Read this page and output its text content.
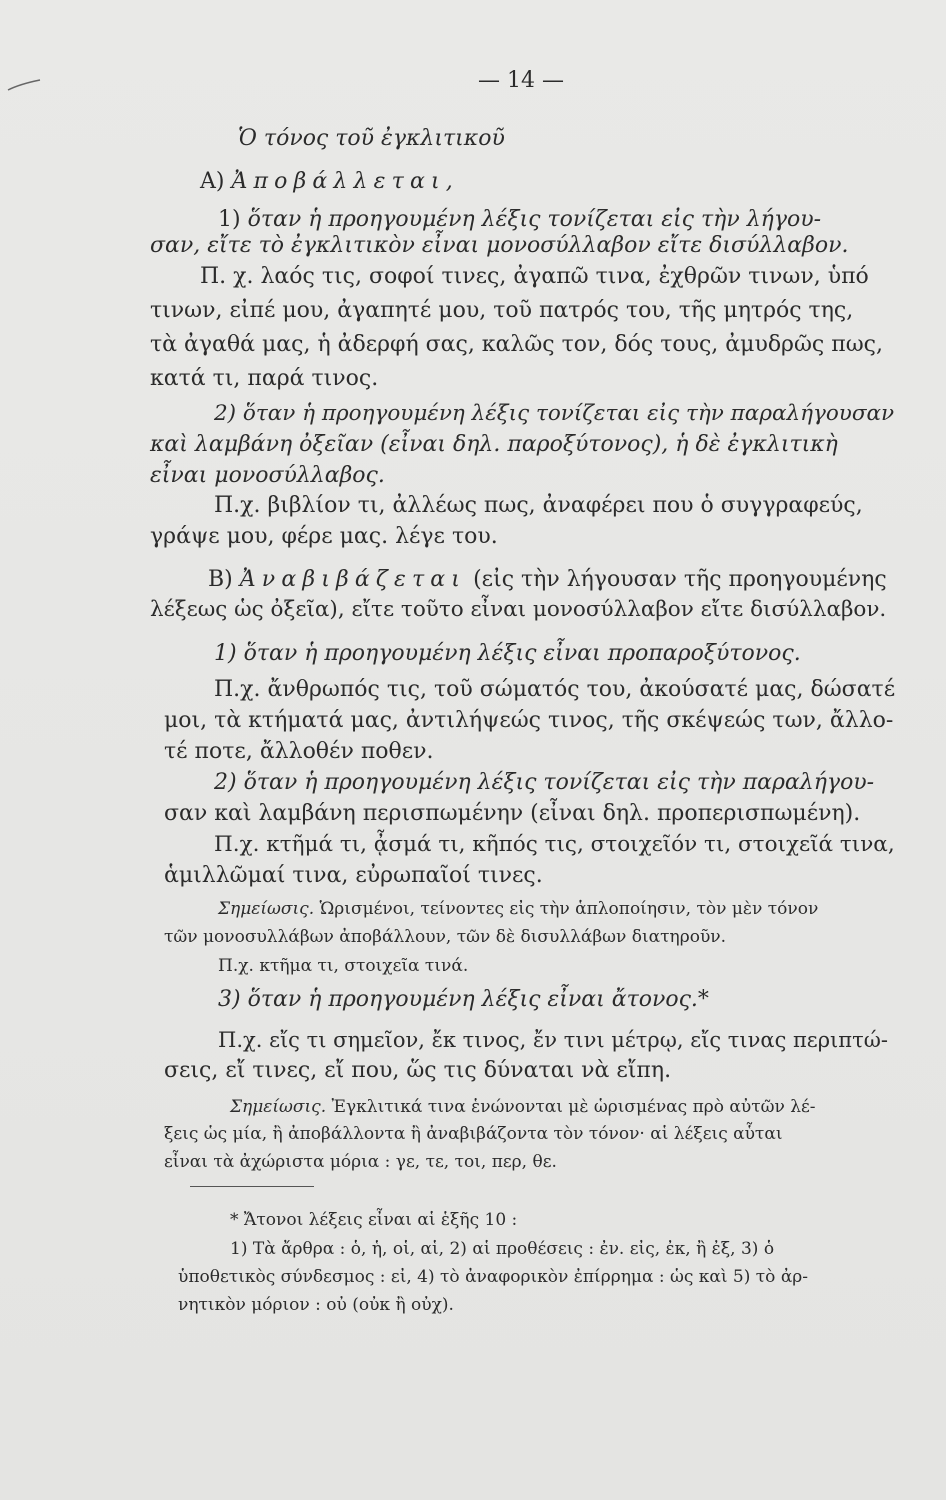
— 14 —
Ὁ τόνος τοῦ ἐγκλιτικοῦ
Α) Ἀποβάλλεται,
1) ὅταν ἡ προηγουμένη λέξις τονίζεται εἰς τὴν λήγου-
σαν, εἴτε τὸ ἐγκλιτικὸν εἶναι μονοσύλλαβον εἴτε δισύλλαβον.
Π. χ. λαός τις, σοφοί τινες, ἀγαπῶ τινα, ἐχθρῶν τινων, ὑπό
τινων, εἰπέ μου, ἀγαπητέ μου, τοῦ πατρός του, τῆς μητρός της,
τὰ ἀγαθά μας, ἡ ἀδερφή σας, καλῶς τον, δός τους, ἀμυδρῶς πως,
κατά τι, παρά τινος.
2) ὅταν ἡ προηγουμένη λέξις τονίζεται εἰς τὴν παραλήγουσαν
καὶ λαμβάνη ὀξεῖαν (εἶναι δηλ. παροξύτονος), ἡ δὲ ἐγκλιτικὴ
εἶναι μονοσύλλαβος.
Π.χ. βιβλίον τι, ἀλλέως πως, ἀναφέρει που ὁ συγγραφεύς,
γράψε μου, φέρε μας. λέγε του.
Β) Ἀναβιβάζεται (εἰς τὴν λήγουσαν τῆς προηγουμένης
λέξεως ὡς ὀξεῖα), εἴτε τοῦτο εἶναι μονοσύλλαβον εἴτε δισύλλαβον.
1) ὅταν ἡ προηγουμένη λέξις εἶναι προπαροξύτονος.
Π.χ. ἄνθρωπός τις, τοῦ σώματός του, ἀκούσατέ μας, δώσατέ
μοι, τὰ κτήματά μας, ἀντιλήψεώς τινος, τῆς σκέψεώς των, ἄλλο-
τέ ποτε, ἄλλοθέν ποθεν.
2) ὅταν ἡ προηγουμένη λέξις τονίζεται εἰς τὴν παραλήγου-
σαν καὶ λαμβάνη περισπωμένην (εἶναι δηλ. προπερισπωμένη).
Π.χ. κτῆμά τι, ᾆσμά τι, κῆπός τις, στοιχεῖόν τι, στοιχεῖά τινα,
ἁμιλλῶμαί τινα, εὐρωπαῖοί τινες.
Σημείωσις. Ὡρισμένοι, τείνοντες εἰς τὴν ἁπλοποίησιν, τὸν μὲν τόνον
τῶν μονοσυλλάβων ἀποβάλλουν, τῶν δὲ δισυλλάβων διατηροῦν.
Π.χ. κτῆμα τι, στοιχεῖα τινά.
3) ὅταν ἡ προηγουμένη λέξις εἶναι ἄτονος.*
Π.χ. εἴς τι σημεῖον, ἔκ τινος, ἔν τινι μέτρῳ, εἴς τινας περιπτώ-
σεις, εἴ τινες, εἴ που, ὥς τις δύναται νὰ εἴπη.
Σημείωσις. Ἐγκλιτικά τινα ἑνώνονται μὲ ὡρισμένας πρὸ αὐτῶν λέ-
ξεις ὡς μία, ἢ ἀποβάλλοντα ἢ ἀναβιβάζοντα τὸν τόνον· αἱ λέξεις αὗται
εἶναι τὰ ἀχώριστα μόρια : γε, τε, τοι, περ, θε.
* Ἄτονοι λέξεις εἶναι αἱ ἑξῆς 10 :
1) Τὰ ἄρθρα : ὁ, ἡ, οἱ, αἱ, 2) αἱ προθέσεις : ἐν. εἰς, ἐκ, ἢ ἐξ, 3) ὁ
ὑποθετικὸς σύνδεσμος : εἰ, 4) τὸ ἀναφορικὸν ἐπίρρημα : ὡς καὶ 5) τὸ ἀρ-
νητικὸν μόριον : οὐ (οὐκ ἢ οὐχ).
